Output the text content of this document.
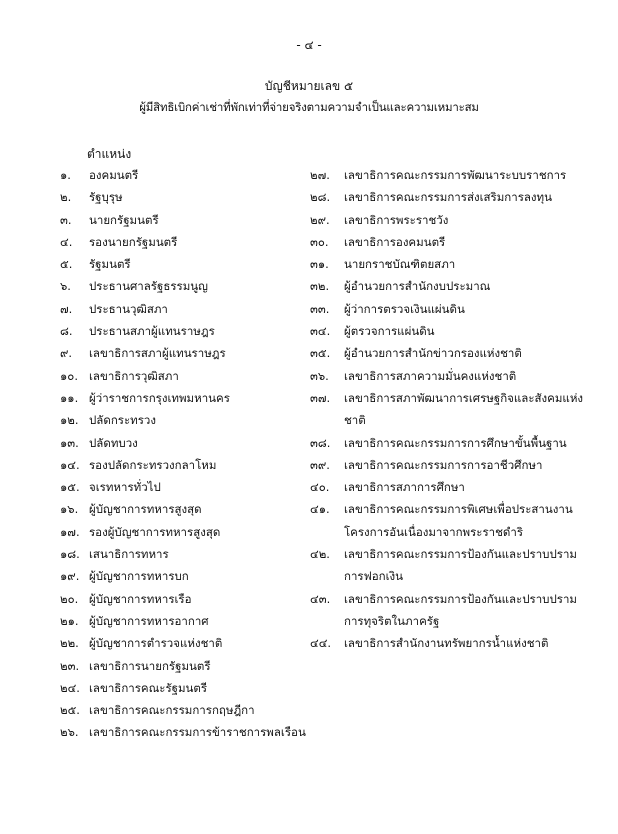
- ๔ -
บัญชีหมายเลข ๕
ผู้มีสิทธิเบิกค่าเช่าที่พักเท่าที่จ่ายจริงตามความจำเป็นและความเหมาะสม
ตำแหน่ง
๑.	องคมนตรี
๒.	รัฐบุรุษ
๓.	นายกรัฐมนตรี
๔.	รองนายกรัฐมนตรี
๕.	รัฐมนตรี
๖.	ประธานศาลรัฐธรรมนูญ
๗.	ประธานวุฒิสภา
๘.	ประธานสภาผู้แทนราษฎร
๙.	เลขาธิการสภาผู้แทนราษฎร
๑๐. เลขาธิการวุฒิสภา
๑๑. ผู้ว่าราชการกรุงเทพมหานคร
๑๒. ปลัดกระทรวง
๑๓. ปลัดทบวง
๑๔. รองปลัดกระทรวงกลาโหม
๑๕. จเรทหารทั่วไป
๑๖. ผู้บัญชาการทหารสูงสุด
๑๗. รองผู้บัญชาการทหารสูงสุด
๑๘. เสนาธิการทหาร
๑๙. ผู้บัญชาการทหารบก
๒๐. ผู้บัญชาการทหารเรือ
๒๑. ผู้บัญชาการทหารอากาศ
๒๒. ผู้บัญชาการตำรวจแห่งชาติ
๒๓. เลขาธิการนายกรัฐมนตรี
๒๔. เลขาธิการคณะรัฐมนตรี
๒๕. เลขาธิการคณะกรรมการกฤษฎีกา
๒๖. เลขาธิการคณะกรรมการข้าราชการพลเรือน
๒๗.	เลขาธิการคณะกรรมการพัฒนาระบบราชการ
๒๘.	เลขาธิการคณะกรรมการส่งเสริมการลงทุน
๒๙.	เลขาธิการพระราชวัง
๓๐.	เลขาธิการองคมนตรี
๓๑.	นายกราชบัณฑิตยสภา
๓๒.	ผู้อำนวยการสำนักงบประมาณ
๓๓.	ผู้ว่าการตรวจเงินแผ่นดิน
๓๔.	ผู้ตรวจการแผ่นดิน
๓๕.	ผู้อำนวยการสำนักข่าวกรองแห่งชาติ
๓๖.	เลขาธิการสภาความมั่นคงแห่งชาติ
๓๗.	เลขาธิการสภาพัฒนาการเศรษฐกิจและสังคมแห่งชาติ
๓๘.	เลขาธิการคณะกรรมการการศึกษาขั้นพื้นฐาน
๓๙.	เลขาธิการคณะกรรมการการอาชีวศึกษา
๔๐.	เลขาธิการสภาการศึกษา
๔๑.	เลขาธิการคณะกรรมการพิเศษเพื่อประสานงานโครงการอันเนื่องมาจากพระราชดำริ
๔๒.	เลขาธิการคณะกรรมการป้องกันและปราบปรามการฟอกเงิน
๔๓.	เลขาธิการคณะกรรมการป้องกันและปราบปรามการทุจริตในภาครัฐ
๔๔.	เลขาธิการสำนักงานทรัพยากรน้ำแห่งชาติ
